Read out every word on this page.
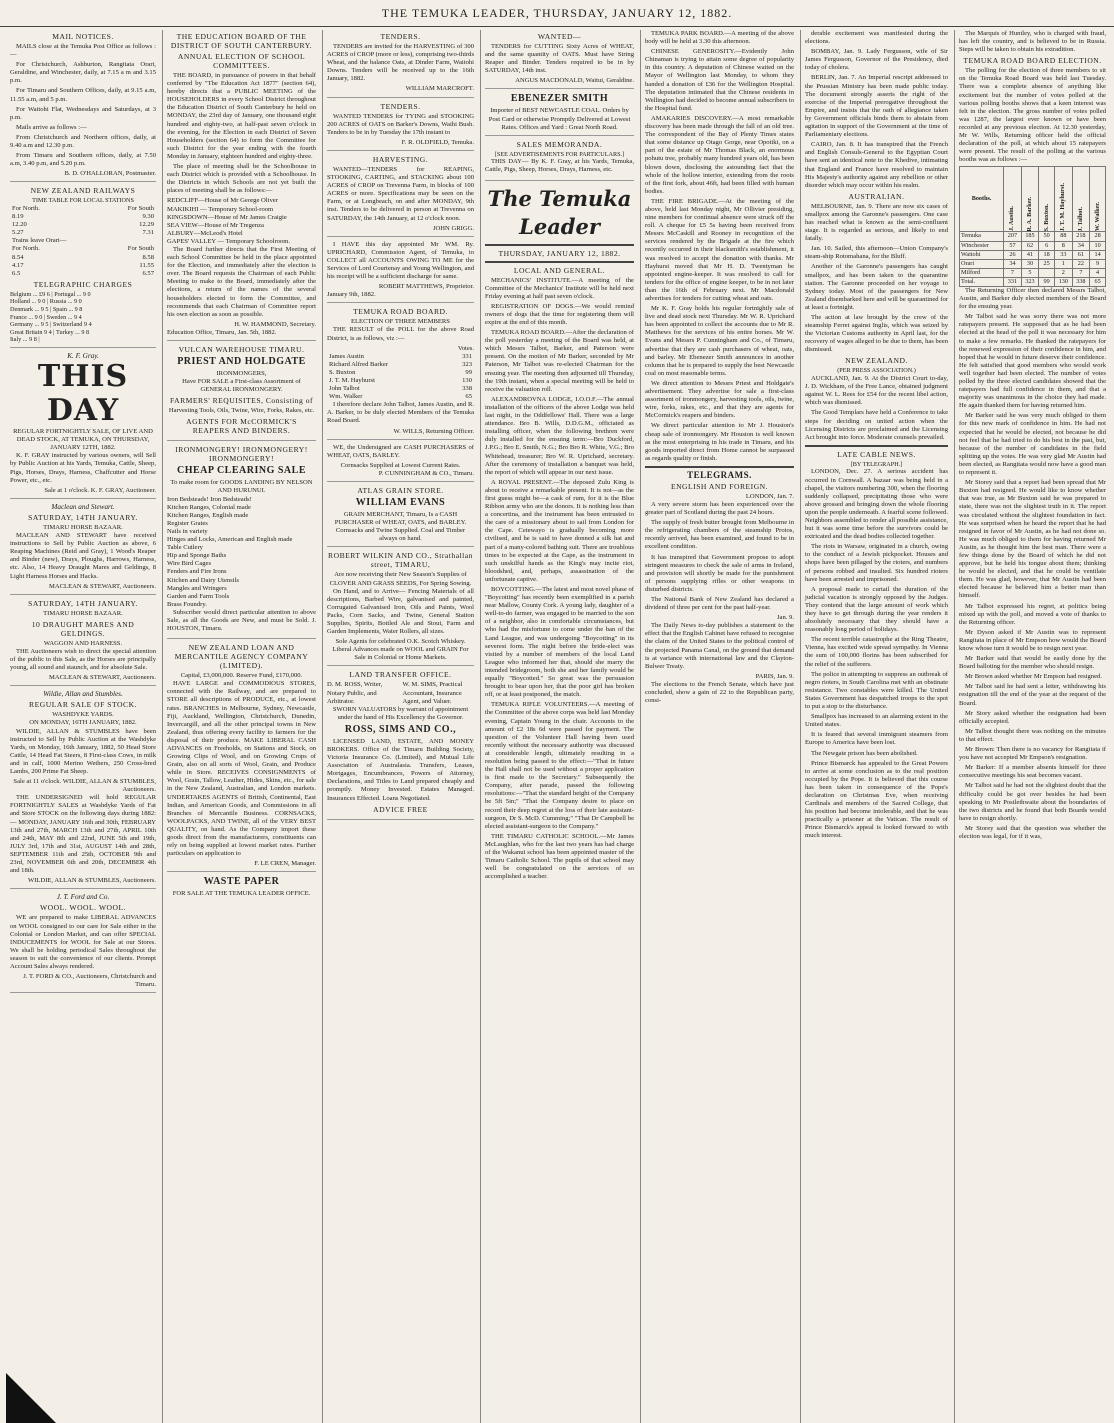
THE TEMUKA LEADER, THURSDAY, JANUARY 12, 1882.
MAIL NOTICES.
MAILS close at the Temuka Post Office as follows :—
For Christchurch, Ashburton, Rangitata Orari, Geraldine, and Winchester, daily, at 7.15 a m and 3.15 p.m.
For Timaru and Southern Offices, daily, at 9.15 a.m, 11.55 a.m, and 5 p.m.
For Waitohi Flat, Wednesdays and Saturdays, at 3 p.m.
Mails arrive as follows :—
From Christchurch and Northern offices, daily, at 9.40 a.m and 12.30 p.m.
From Timaru and Southern offices, daily, at 7.50 a.m, 3.40 p.m, and 5.20 p.m.
B. D. O'HALLORAN, Postmaster.
NEW ZEALAND RAILWAYS
TIME TABLE FOR LOCAL STATIONS
For North.	For South
8.19	9.30
12.20	12.29
5.27	7.31
Trains leave Orari—	
For North.	For South
8.54	8.58
4.17	11.55
6.5	6.57
TELEGRAPHIC CHARGES
Belgium ... £9 6 | Portugal ... 9 0
Holland ... 9 0 | Russia ... 9 0
Denmark ... 9 5 | Spain ... 9 8
France ... 9 0 | Sweden ... 9 4
Germany ... 9 5 | Switzerland 9 4
Great Britain 9 4 | Turkey ... 9 8
Italy ... 9 8 |
K. F. Gray.
THIS DAY
REGULAR FORTNIGHTLY SALE, OF LIVE AND DEAD STOCK, AT TEMUKA, ON THURSDAY, JANUARY 12TH, 1882.
K. F. GRAY instructed by various owners, will Sell by Public Auction at his Yards, Temuka, Cattle, Sheep, Pigs, Horses, Drays, Harness, Chaffcutter and Horse Power, etc., etc.
Sale at 1 o'clock. K. F. GRAY, Auctioneer.
Maclean and Stewart.
SATURDAY, 14TH JANUARY.
TIMARU HORSE BAZAAR.
MACLEAN AND STEWART have received instructions to Sell by Public Auction as above, 6 Reaping Machines (Reid and Gray), 1 Wood's Reaper and Binder (new), Drays, Ploughs, Harrows, Harness, etc. Also, 14 Heavy Draught Mares and Geldings, 8 Light Harness Horses and Hacks.
MACLEAN & STEWART, Auctioneers.
SATURDAY, 14TH JANUARY.
TIMARU HORSE BAZAAR.
10 DRAUGHT MARES AND GELDINGS.
WAGGON AND HARNESS.
THE Auctioneers wish to direct the special attention of the public to this Sale, as the Horses are principally young, all sound and staunch, and for absolute Sale.
MACLEAN & STEWART, Auctioneers.
Wildie, Allan and Stumbles.
REGULAR SALE OF STOCK.
WASHDYKE YARDS.
ON MONDAY, 16TH JANUARY, 1882.
WILDIE, ALLAN & STUMBLES have been instructed to Sell by Public Auction at the Washdyke Yards, on Monday, 16th January, 1882, 50 Head Store Cattle, 14 Head Fat Steers, 8 First-class Cows, in milk and in calf, 1000 Merino Wethers, 250 Cross-bred Lambs, 200 Prime Fat Sheep.
Sale at 11 o'clock. WILDIE, ALLAN & STUMBLES, Auctioneers.
THE UNDERSIGNED will hold REGULAR FORTNIGHTLY SALES at Washdyke Yards of Fat and Store STOCK on the following days during 1882:— MONDAY, JANUARY 16th and 30th, FEBRUARY 13th and 27th, MARCH 13th and 27th, APRIL 10th and 24th, MAY 8th and 22nd, JUNE 5th and 19th, JULY 3rd, 17th and 31st, AUGUST 14th and 28th, SEPTEMBER 11th and 25th, OCTOBER 9th and 23rd, NOVEMBER 6th and 20th, DECEMBER 4th and 18th.
WILDIE, ALLAN & STUMBLES, Auctioneers.
J. T. Ford and Co.
WOOL. WOOL. WOOL.
WE are prepared to make LIBERAL ADVANCES on WOOL consigned to our care for Sale either in the Colonial or London Market, and can offer SPECIAL INDUCEMENTS for WOOL for Sale at our Stores. We shall be holding periodical Sales throughout the season to suit the convenience of our clients. Prompt Account Sales always rendered.
J. T. FORD & CO., Auctioneers, Christchurch and Timaru.
THE EDUCATION BOARD OF THE DISTRICT OF SOUTH CANTERBURY.
ANNUAL ELECTION OF SCHOOL COMMITTEES.
THE BOARD, in pursuance of powers in that behalf conferred by "The Education Act 1877" (section 64), hereby directs that a PUBLIC MEETING of the HOUSEHOLDERS in every School District throughout the Education District of South Canterbury be held on MONDAY, the 23rd day of January, one thousand eight hundred and eighty-two, at half-past seven o'clock in the evening, for the Election in each District of Seven Householders (section 64) to form the Committee for such District for the year ending with the fourth Monday in January, eighteen hundred and eighty-three.
The place of meeting shall be the Schoolhouse in each District which is provided with a Schoolhouse. In the Districts in which Schools are not yet built the places of meeting shall be as follows:—
REDCLIFF—House of Mr George Oliver
MAKIKIHI — Temporary School-room
KINGSDOWN—House of Mr James Craigie
SEA VIEW—House of Mr Tregenza
ALBURY—McLeod's Hotel
GAPES' VALLEY — Temporary Schoolroom.
The Board further directs that the First Meeting of each School Committee be held in the place appointed for the Election, and immediately after the election is over. The Board requests the Chairman of each Public Meeting to make to the Board, immediately after the elections, a return of the names of the several householders elected to form the Committee, and recommends that each Chairman of Committee report his own election as soon as possible.
H. W. HAMMOND, Secretary.
Education Office, Timaru, Jan. 5th, 1882.
VULCAN WAREHOUSE TIMARU.
PRIEST AND HOLDGATE
IRONMONGERS,
Have FOR SALE a First-class Assortment of GENERAL IRONMONGERY.
FARMERS' REQUISITES, Consisting of
Harvesting Tools, Oils, Twine, Wire, Forks, Rakes, etc.
AGENTS FOR McCORMICK'S REAPERS AND BINDERS.
IRONMONGERY! IRONMONGERY! IRONMONGERY!
CHEAP CLEARING SALE
To make room for GOODS LANDING BY NELSON AND HURUNUI.
Iron Bedsteads! Iron Bedsteads!
Kitchen Ranges, Colonial made
Kitchen Ranges, English made
Register Grates
Nails in variety
Hinges and Locks, American and English made
Table Cutlery
Hip and Sponge Baths
Wire Bird Cages
Fenders and Fire Irons
Kitchen and Dairy Utensils
Mangles and Wringers
Garden and Farm Tools
Brass Foundry.
Subscriber would direct particular attention to above Sale, as all the Goods are New, and must be Sold. J. HOUSTON, Timaru.
NEW ZEALAND LOAN AND MERCANTILE AGENCY COMPANY (LIMITED).
Capital, £3,000,000. Reserve Fund, £170,000.
HAVE LARGE and COMMODIOUS STORES, connected with the Railway, and are prepared to STORE all descriptions of PRODUCE, etc., at lowest rates. BRANCHES in Melbourne, Sydney, Newcastle, Fiji, Auckland, Wellington, Christchurch, Dunedin, Invercargill, and all the other principal towns in New Zealand, thus offering every facility to farmers for the disposal of their produce. MAKE LIBERAL CASH ADVANCES on Freeholds, on Stations and Stock, on Growing Clips of Wool, and on Growing Crops of Grain, also on all sorts of Wool, Grain, and Produce while in Store. RECEIVES CONSIGNMENTS of Wool, Grain, Tallow, Leather, Hides, Skins, etc., for sale in the New Zealand, Australian, and London markets. UNDERTAKES AGENTS of British, Continental, East Indian, and American Goods, and Commissions in all Branches of Mercantile Business. CORNSACKS, WOOLPACKS, AND TWINE, all of the VERY BEST QUALITY, on hand. As the Company import these goods direct from the manufacturers, constituents can rely on being supplied at lowest market rates. Further particulars on application to
F. LE CREN, Manager.
WASTE PAPER
FOR SALE AT THE TEMUKA LEADER OFFICE.
TENDERS.
TENDERS are invited for the HARVESTING of 300 ACRES of CROP (more or less), comprising two-thirds Wheat, and the balance Oats, at Dinder Farm, Waitohi Downs. Tenders will be received up to the 16th January, 1882.
WILLIAM MARCROFT.
TENDERS.
WANTED TENDERS for TYING and STOOKING 200 ACRES of OATS on Barker's Downs, Waihi Bush. Tenders to be in by Tuesday the 17th instant to
F. R. OLDFIELD, Temuka.
HARVESTING.
WANTED—TENDERS for REAPING, STOOKING, CARTING, and STACKING about 100 ACRES of CROP on Trevenna Farm, in blocks of 100 ACRES or more. Specifications may be seen on the Farm, or at Longbeach, on and after MONDAY, 9th inst. Tenders to be delivered in person at Trevenna on SATURDAY, the 14th January, at 12 o'clock noon.
JOHN GRIGG.
I HAVE this day appointed Mr WM. Ry. UPRICHARD, Commission Agent, of Temuka, to COLLECT all ACCOUNTS OWING TO ME for the Services of Lord Courtenay and Young Wellington, and his receipt will be a sufficient discharge for same.
ROBERT MATTHEWS, Proprietor.
January 9th, 1882.
TEMUKA ROAD BOARD.
ELECTION OF THREE MEMBERS
THE RESULT of the POLL for the above Road District, is as follows, viz :—
Votes.
James Austin	331
Richard Alfred Barker	323
S. Buxton	99
J. T. M. Hayhurst	130
John Talbot	338
Wm. Walker	65
I therefore declare John Talbot, James Austin, and R. A. Barker, to be duly elected Members of the Temuka Road Board.
W. WILLS, Returning Officer.
WE, the Undersigned are CASH PURCHASERS of WHEAT, OATS, BARLEY.
Cornsacks Supplied at Lowest Current Rates.
P. CUNNINGHAM & CO., Timaru.
ATLAS GRAIN STORE.
WILLIAM EVANS
GRAIN MERCHANT, Timaru, Is a CASH PURCHASER of WHEAT, OATS, and BARLEY.
Cornsacks and Twine Supplied. Coal and Timber always on hand.
ROBERT WILKIN AND CO., Strathallan street, TIMARU,
Are now receiving their New Season's Supplies of CLOVER AND GRASS SEEDS, For Spring Sowing.
On Hand, and to Arrive— Fencing Materials of all descriptions, Barbed Wire, galvanised and painted, Corrugated Galvanised Iron, Oils and Paints, Wool Packs, Corn Sacks, and Twine, General Station Supplies, Spirits, Bottled Ale and Stout, Farm and Garden Implements, Water Rollers, all sizes.
Sole Agents for celebrated O.K. Scotch Whiskey.
Liberal Advances made on WOOL and GRAIN For Sale in Colonial or Home Markets.
LAND TRANSFER OFFICE.
D. M. ROSS, Writer, Notary Public, and Arbitrator.
W. M. SIMS, Practical Accountant, Insurance Agent, and Valuer.
SWORN VALUATORS by warrant of appointment under the hand of His Excellency the Governor.
ROSS, SIMS AND CO.,
LICENSED LAND, ESTATE, AND MONEY BROKERS. Office of the Timaru Building Society, Victoria Insurance Co. (Limited), and Mutual Life Association of Australasia. Transfers, Leases, Mortgages, Encumbrances, Powers of Attorney, Declarations, and Titles to Land prepared cheaply and promptly. Money Invested. Estates Managed. Insurances Effected. Loans Negotiated.
ADVICE FREE
WANTED—
TENDERS for CUTTING Sixty Acres of WHEAT, and the same quantity of OATS. Must have String Reaper and Binder. Tenders required to be in by SATURDAY, 14th inst.
ANGUS MACDONALD, Waitui, Geraldine.
EBENEZER SMITH
Importer of BEST NEWCASTLE COAL. Orders by Post Card or otherwise Promptly Delivered at Lowest Rates. Offices and Yard : Great North Road.
SALES MEMORANDA.
[SEE ADVERTISEMENTS FOR PARTICULARS.]
THIS DAY— By K. F. Gray, at his Yards, Temuka, Cattle, Pigs, Sheep, Horses, Drays, Harness, etc.
The Temuka Leader
THURSDAY, JANUARY 12, 1882.
LOCAL AND GENERAL.

MECHANICS' INSTITUTE.—A meeting of the Committee of the Mechanics' Institute will be held next Friday evening at half past seven o'clock.

REGISTRATION OF DOGS.—We would remind owners of dogs that the time for registering them will expire at the end of this month.

TEMUKA ROAD BOARD.—After the declaration of the poll yesterday a meeting of the Board was held, at which Messrs Talbot, Barker, and Paterson were present. On the motion of Mr Barker, seconded by Mr Paterson, Mr Talbot was re-elected Chairman for the ensuing year. The meeting then adjourned till Thursday, the 19th instant, when a special meeting will be held to receive the valuation roll.

ALEXANDROVNA LODGE, I.O.O.F.—The annual installation of the officers of the above Lodge was held last night, in the Oddfellows' Hall. There was a large attendance. Bro B. Wills, D.D.G.M., officiated as installing officer, when the following brethren were duly installed for the ensuing term:—Bro Duckford, J.P.G.; Bro E. Smith, N.G.; Bro Bro R. White, V.G.; Bro Whitehead, treasurer; Bro W. R. Uprichard, secretary. After the ceremony of installation a banquet was held, the report of which will appear in our next issue.

A ROYAL PRESENT.—The deposed Zulu King is about to receive a remarkable present. It is not—as the first guess might be—a cask of rum, for it is the Blue Ribbon army who are the donors. It is nothing less than a concertina, and the instrument has been entrusted to the care of a missionary about to sail from London for the Cape. Cetewayo is gradually becoming more civilised, and he is said to have donned a silk hat and part of a many-colored bathing suit. There are troublous times to be expected at the Cape, as the instrument in such unskilful hands as the King's may incite riot, bloodshed, and, perhaps, assassination of the unfortunate captive.

BOYCOTTING.—The latest and most novel phase of "Boycotting" has recently been exemplified in a parish near Mallow, County Cork. A young lady, daughter of a well-to-do farmer, was engaged to be married to the son of a neighbor, also in comfortable circumstances, but who had the misfortune to come under the ban of the Land League, and was undergoing "Boycotting" in its severest form. The night before the bride-elect was visited by a number of members of the local Land League who informed her that, should she marry the intended bridegroom, both she and her family would be equally "Boycotted." So great was the persuasion brought to bear upon her, that the poor girl has broken off, or at least postponed, the match.

TEMUKA RIFLE VOLUNTEERS.—A meeting of the Committee of the above corps was held last Monday evening, Captain Young in the chair. Accounts to the amount of £2 18s 6d were passed for payment. The question of the Volunteer Hall having been used recently without the necessary authority was discussed at considerable length, ultimately resulting in a resolution being passed to the effect:—"That in future the Hall shall not be used without a proper application is first made to the Secretary." Subsequently the Company, after parade, passed the following resolutions:—"That the standard height of the Company be 5ft 5in;" "That the Company desire to place on record their deep regret at the loss of their late assistant-surgeon, Dr S. McD. Cumming;" "That Dr Campbell be elected assistant-surgeon to the Company."

THE TIMARU CATHOLIC SCHOOL.—Mr James McLaughlan, who for the last two years has had charge of the Wakanui school has been appointed master of the Timaru Catholic School. The pupils of that school may well be congratulated on the services of so accomplished a teacher.

TEMUKA PARK BOARD.—A meeting of the above body will be held at 3.30 this afternoon.

CHINESE GENEROSITY.—Evidently John Chinaman is trying to attain some degree of popularity in this country. A deputation of Chinese waited on the Mayor of Wellington last Monday, to whom they handed a donation of £36 for the Wellington Hospital. The deputation intimated that the Chinese residents in Wellington had decided to become annual subscribers to the Hospital fund.

AMAKARIES DISCOVERY.—A most remarkable discovery has been made through the fall of an old tree. The correspondent of the Bay of Plenty Times states that some distance up Otago Gorge, near Opotiki, on a part of the estate of Mr Thomas Black, an enormous pohutu tree, probably many hundred years old, has been blown down, disclosing the astounding fact that the whole of the hollow interior, extending from the roots of the first fork, about 46ft, had been filled with human bodies.

THE FIRE BRIGADE.—At the meeting of the above, held last Monday night, Mr Ollivier presiding, nine members for continual absence were struck off the roll. A cheque for £5 5s having been received from Messrs McCaskill and Rooney in recognition of the services rendered by the Brigade at the fire which recently occurred in their blacksmith's establishment, it was resolved to accept the donation with thanks. Mr Hayhurst moved that Mr H. D. Twentyman be appointed engine-keeper. It was resolved to call for tenders for the office of engine keeper, to be in not later than the 16th of February next. Mr Macdonald advertises for tenders for cutting wheat and oats.

Mr K. F. Gray holds his regular fortnightly sale of live and dead stock next Thursday. Mr W. R. Uprichard has been appointed to collect the accounts due to Mr R. Matthews for the services of his entire horses. Mr W. Evans and Messrs P. Cunningham and Co., of Timaru, advertise that they are cash purchasers of wheat, oats, and barley. Mr Ebenezer Smith announces in another column that he is prepared to supply the best Newcastle coal on most reasonable terms.

We direct attention to Messrs Priest and Holdgate's advertisement. They advertise for sale a first-class assortment of ironmongery, harvesting tools, oils, twine, wire, forks, rakes, etc., and that they are agents for McCormick's reapers and binders.

We direct particular attention to Mr J. Houston's cheap sale of ironmongery. Mr Houston is well known as the most enterprising in his trade in Timaru, and his goods imported direct from Home cannot be surpassed as regards quality or finish.

TELEGRAMS.
ENGLISH AND FOREIGN.
LONDON, Jan. 7.

A very severe storm has been experienced over the greater part of Scotland during the past 24 hours.

The supply of fresh butter brought from Melbourne in the refrigerating chambers of the steamship Protos, recently arrived, has been examined, and found to be in excellent condition.

It has transpired that Government propose to adopt stringent measures to check the sale of arms in Ireland, and provision will shortly be made for the punishment of persons supplying rifles or other weapons in disturbed districts.

The National Bank of New Zealand has declared a dividend of three per cent for the past half-year.

Jan. 9.

The Daily News to-day publishes a statement to the effect that the English Cabinet have refused to recognise the claim of the United States to the political control of the projected Panama Canal, on the ground that demand is at variance with international law and the Clayton-Bulwer Treaty.

PARIS, Jan. 9.

The elections to the French Senate, which have just concluded, show a gain of 22 to the Republican party, consi-

derable excitement was manifested during the elections.

BOMBAY, Jan. 9. Lady Fergusson, wife of Sir James Fergusson, Governor of the Presidency, died today of cholera.

BERLIN, Jan. 7. An Imperial rescript addressed to the Prussian Ministry has been made public today. The document strongly asserts the right of the exercise of the Imperial prerogative throughout the Empire, and insists that the oath of allegiance taken by Government officials binds them to abstain from agitation in support of the Government at the time of Parliamentary elections.

CAIRO, Jan. 8. It has transpired that the French and English Consuls-General to the Egyptian Court have sent an identical note to the Khedive, intimating that England and France have resolved to maintain His Majesty's authority against any rebellion or other disorder which may occur within his realm.

AUSTRALIAN.

MELBOURNE, Jan. 9. There are now six cases of smallpox among the Garonne's passengers. One case has reached what is known as the semi-confluent stage. It is regarded as serious, and likely to end fatally.

Jan. 10. Sailed, this afternoon—Union Company's steam-ship Rotomahana, for the Bluff.

Another of the Garonne's passengers has caught smallpox, and has been taken to the quarantine station. The Garonne proceeded on her voyage to Sydney today. Most of the passengers for New Zealand disembarked here and will be quarantined for at least a fortnight.

The action at law brought by the crew of the steamship Ferret against Inglis, which was seized by the Victorian Customs authority in April last, for the recovery of wages alleged to be due to them, has been dismissed.

NEW ZEALAND.
(PER PRESS ASSOCIATION.)

AUCKLAND, Jan. 9. At the District Court to-day, J. D. Wickham, of the Free Lance, obtained judgment against W. L. Rees for £54 for the recent libel action, which was dismissed.

The Good Templars have held a Conference to take steps for deciding on united action when the Licensing Districts are proclaimed and the Licensing Act brought into force. Moderate counsels prevailed.

LATE CABLE NEWS.
[BY TELEGRAPH.]

LONDON, Dec. 27. A serious accident has occurred in Cornwall. A bazaar was being held in a chapel, the visitors numbering 300, when the flooring suddenly collapsed, precipitating those who were above grossed and bringing down the whole flooring upon the people underneath. A fearful scene followed. Neighbors assembled to render all possible assistance, but it was some time before the survivors could be extricated and the dead bodies collected together.

The riots in Warsaw, originated in a church, owing to the conduct of a Jewish pickpocket. Houses and shops have been pillaged by the rioters, and numbers of persons robbed and insulted. Six hundred rioters have been arrested and imprisoned.

A proposal made to curtail the duration of the judicial vacation is strongly opposed by the Judges. They contend that the large amount of work which they have to get through during the year renders it absolutely necessary that they should have a reasonably long period of holidays.

The recent terrible catastrophe at the Ring Theatre, Vienna, has excited wide spread sympathy. In Vienna the sum of 100,000 florins has been subscribed for the relief of the sufferers.

The police in attempting to suppress an outbreak of negro rioters, in South Carolina met with an obstinate resistance. Two constables were killed. The United States Government has despatched troops to the spot to put a stop to the disturbance.

Smallpox has increased to an alarming extent in the United states.

It is feared that several immigrant steamers from Europe to America have been lost.

The Newgate prison has been abolished.

Prince Bismarck has appealed to the Great Powers to arrive at some conclusion as to the real position occupied by the Pope. It is believed that this course has been taken in consequence of the Pope's declaration on Christmas Eve, when receiving Cardinals and members of the Sacred College, that his position had become intolerable, and that he was practically a prisoner at the Vatican. The result of Prince Bismarck's appeal is looked forward to with much interest.

The Marquis of Huntley, who is charged with fraud, has left the country, and is believed to be in Russia. Steps will be taken to obtain his extradition.

TEMUKA ROAD BOARD ELECTION.

The polling for the election of three members to sit on the Temuka Road Board was held last Tuesday. There was a complete absence of anything like excitement but the number of votes polled at the various polling booths shows that a keen interest was felt in the election. The gross number of votes polled was 1287, the largest ever known or have been recorded at any previous election. At 12.30 yesterday, Mr W. Wills, Returning officer held the official declaration of the poll, at which about 15 ratepayers were present. The result of the polling at the various booths was as follows :—

Booths.	J. Austin.	R. A. Barker.	S. Buxton.	J. T. M. Hayhurst.	J. Talbot.	W. Walker.

Temuka	207	185	50	88	218	28
Winchester	57	62	6	8	34	10
Waitohi	26	41	18	33	61	14
Orari	34	30	25	1	22	9
Milford	7	5		2	7	4
Total.	331	323	99	130	338	65

The Returning Officer then declared Messrs Talbot, Austin, and Barker duly elected members of the Board for the ensuing year.

Mr Talbot said he was sorry there was not more ratepayers present. He supposed that as he had been elected at the head of the poll it was necessary for him to make a few remarks. He thanked the ratepayers for the renewed expression of their confidence in him, and hoped that he would in future deserve their confidence. He felt satisfied that good members who would work well together had been elected. The number of votes polled by the three elected candidates showed that the ratepayers had full confidence in them, and that a majority was unanimous in the choice they had made. He again thanked them for having returned him.

Mr Barker said he was very much obliged to them for this new mark of confidence in him. He had not expected that he would be elected, not because he did not feel that he had tried to do his best in the past, but, because of the number of candidates in the field splitting up the votes. He was very glad Mr Austin had been elected, as Rangitata would now have a good man to represent it.

Mr Storey said that a report had been spread that Mr Buxton had resigned. He would like to know whether that was true, as Mr Buxton said he was prepared to state, there was not the slightest truth in it. The report was circulated without the slightest foundation in fact. He was surprised when he heard the report that he had resigned in favor of Mr Austin, as he had not done so. He was much obliged to them for having returned Mr Austin, as he thought him the best man. There were a few things done by the Board of which he did not approve, but he held his tongue about them; thinking he would be elected, and that he could be ventilate them. He was glad, however, that Mr Austin had been elected because he believed him a better man than himself.

Mr Talbot expressed his regret, at politics being mixed up with the poll, and moved a vote of thanks to the Returning officer.

Mr Dyson asked if Mr Austin was to represent Rangitata in place of Mr Empson how would the Board know whose turn it would be to resign next year.

Mr Barker said that would be easily done by the Board balloting for the member who should resign.

Mr Brown asked whether Mr Empson had resigned.

Mr Talbot said he had sent a letter, withdrawing his resignation till the end of the year at the request of the Board.

Mr Story asked whether the resignation had been officially accepted.

Mr Talbot thought there was nothing on the minutes to that effect.

Mr Brown: Then there is no vacancy for Rangitata if you have not accepted Mr Empson's resignation.

Mr Barker: If a member absents himself for three consecutive meetings his seat becomes vacant.

Mr Talbot said he had not the slightest doubt that the difficulty could be got over besides he had been speaking to Mr Postlethwaite about the boundaries of the two districts and he found that both Boards would have to resign shortly.

Mr Storey said that the question was whether the election was legal, for if it was,
